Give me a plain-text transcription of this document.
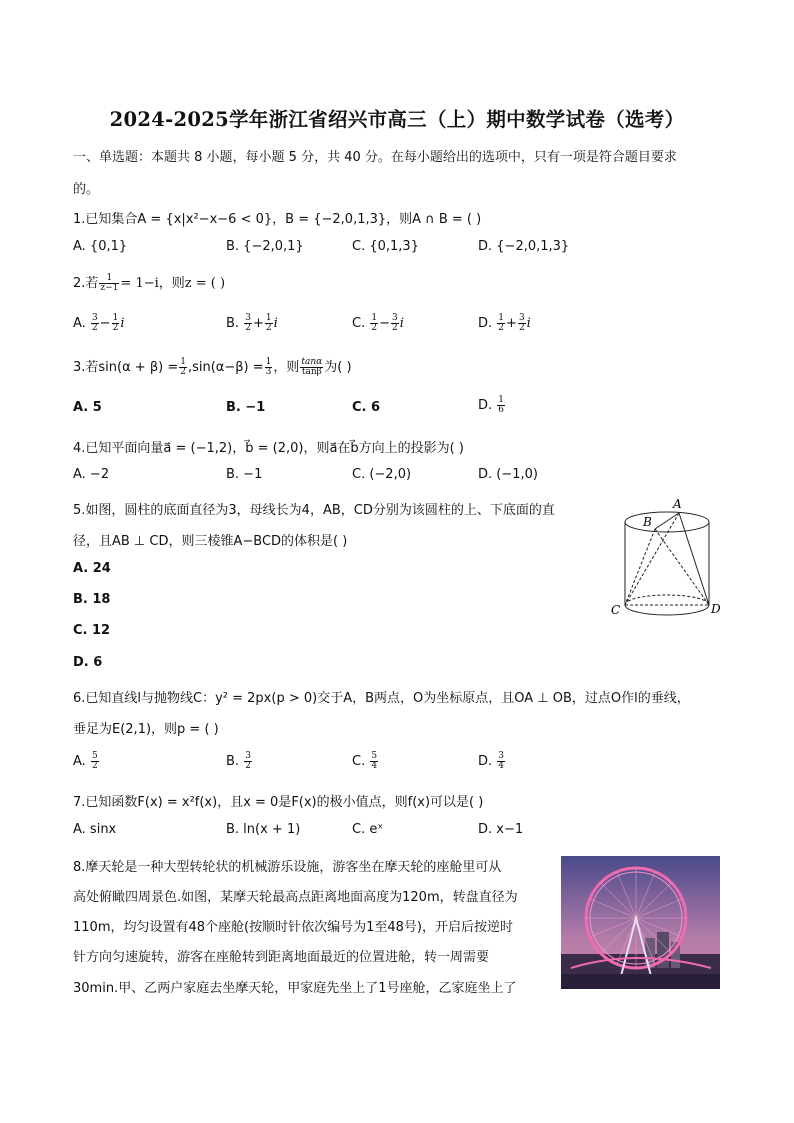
2024-2025学年浙江省绍兴市高三（上）期中数学试卷（选考）
一、单选题：本题共 8 小题，每小题 5 分，共 40 分。在每小题给出的选项中，只有一项是符合题目要求
的。
1.已知集合A = {x|x²−x−6 < 0}，B = {−2,0,1,3}，则A ∩ B = ( )
A. {0,1}	B. {−2,0,1}	C. {0,1,3}	D. {−2,0,1,3}
2.若 $\frac{1}{z-1} = 1-i$，则z = ( )
A. $\frac{3}{2} - \frac{1}{2}$ i	B. $\frac{3}{2} + \frac{1}{2}$ i	C. $\frac{1}{2} - \frac{3}{2}$ i	D. $\frac{1}{2} + \frac{3}{2}$ i
3.若$\sin(\alpha + \beta) = \frac{1}{2} ,\sin(\alpha-\beta) = \frac{1}{3}$ ，则 $\frac{\tan\alpha}{\tan\beta}$ 为( )
A. 5	B. −1	C. 6	D. $\frac{1}{6}$
4.已知平面向量a⃗ = (−1,2)，b⃗ = (2,0)，则a⃗在b⃗方向上的投影为( )
A. −2	B. −1	C. (−2,0)	D. (−1,0)
5.如图，圆柱的底面直径为3，母线长为4，AB，CD分别为该圆柱的上、下底面的直
径，且AB ⊥ CD，则三棱锥A−BCD的体积是( )
A. 24
B. 18
C. 12
D. 6
A
B
C	D
6.已知直线l与抛物线C：y² = 2px(p > 0)交于A，B两点，O为坐标原点，且OA ⊥ OB，过点O作l的垂线，
垂足为E(2,1)，则p = ( )
A. $\frac{5}{2}$	B. $\frac{3}{2}$	C. $\frac{5}{4}$	D. $\frac{3}{4}$
7.已知函数F(x) = x²f(x)，且x = 0是F(x)的极小值点，则f(x)可以是( )
A. sinx	B. ln(x + 1)	C. eˣ	D. x−1
8.摩天轮是一种大型转轮状的机械游乐设施，游客坐在摩天轮的座舱里可从
高处俯瞰四周景色.如图，某摩天轮最高点距离地面高度为120m，转盘直径为
110m，均匀设置有48个座舱(按顺时针依次编号为1至48号)，开启后按逆时
针方向匀速旋转，游客在座舱转到距离地面最近的位置进舱，转一周需要
30min.甲、乙两户家庭去坐摩天轮，甲家庭先坐上了1号座舱，乙家庭坐上了
